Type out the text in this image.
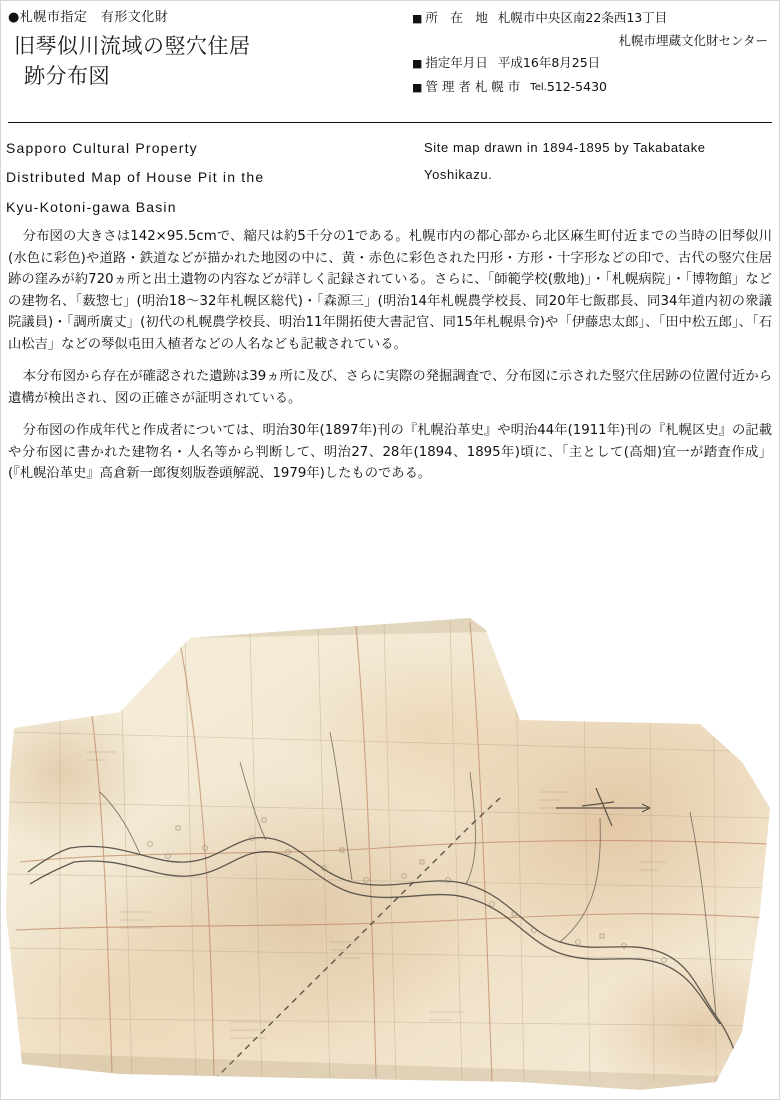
●札幌市指定　有形文化財
旧琴似川流域の竪穴住居
跡分布図
■ 所　在　地 札幌市中央区南22条西13丁目
札幌市埋蔵文化財センター
■ 指定年月日 平成16年8月25日
■ 管 理 者 札 幌 市 Tel.512-5430
Sapporo Cultural Property
Distributed Map of House Pit in the
Kyu-Kotoni-gawa Basin
Site map drawn in 1894-1895 by Takabatake
Yoshikazu.

分布図の大きさは142×95.5cmで、縮尺は約5千分の1である。札幌市内の都心部から北区麻生町付近までの当時の旧琴似川(水色に彩色)や道路・鉄道などが描かれた地図の中に、黄・赤色に彩色された円形・方形・十字形などの印で、古代の竪穴住居跡の窪みが約720ヵ所と出土遺物の内容などが詳しく記録されている。さらに、「師範学校(敷地)」・「札幌病院」・「博物館」などの建物名、「薮惣七」(明治18～32年札幌区総代)・「森源三」(明治14年札幌農学校長、同20年七飯郡長、同34年道内初の衆議院議員)・「調所廣丈」(初代の札幌農学校長、明治11年開拓使大書記官、同15年札幌県令)や「伊藤忠太郎」、「田中松五郎」、「石山松吉」などの琴似屯田入植者などの人名なども記載されている。

本分布図から存在が確認された遺跡は39ヵ所に及び、さらに実際の発掘調査で、分布図に示された竪穴住居跡の位置付近から遺構が検出され、図の正確さが証明されている。

分布図の作成年代と作成者については、明治30年(1897年)刊の『札幌沿革史』や明治44年(1911年)刊の『札幌区史』の記載や分布図に書かれた建物名・人名等から判断して、明治27、28年(1894、1895年)頃に、「主として(高畑)宜一が踏査作成」(『札幌沿革史』高倉新一郎復刻版巻頭解説、1979年)したものである。
